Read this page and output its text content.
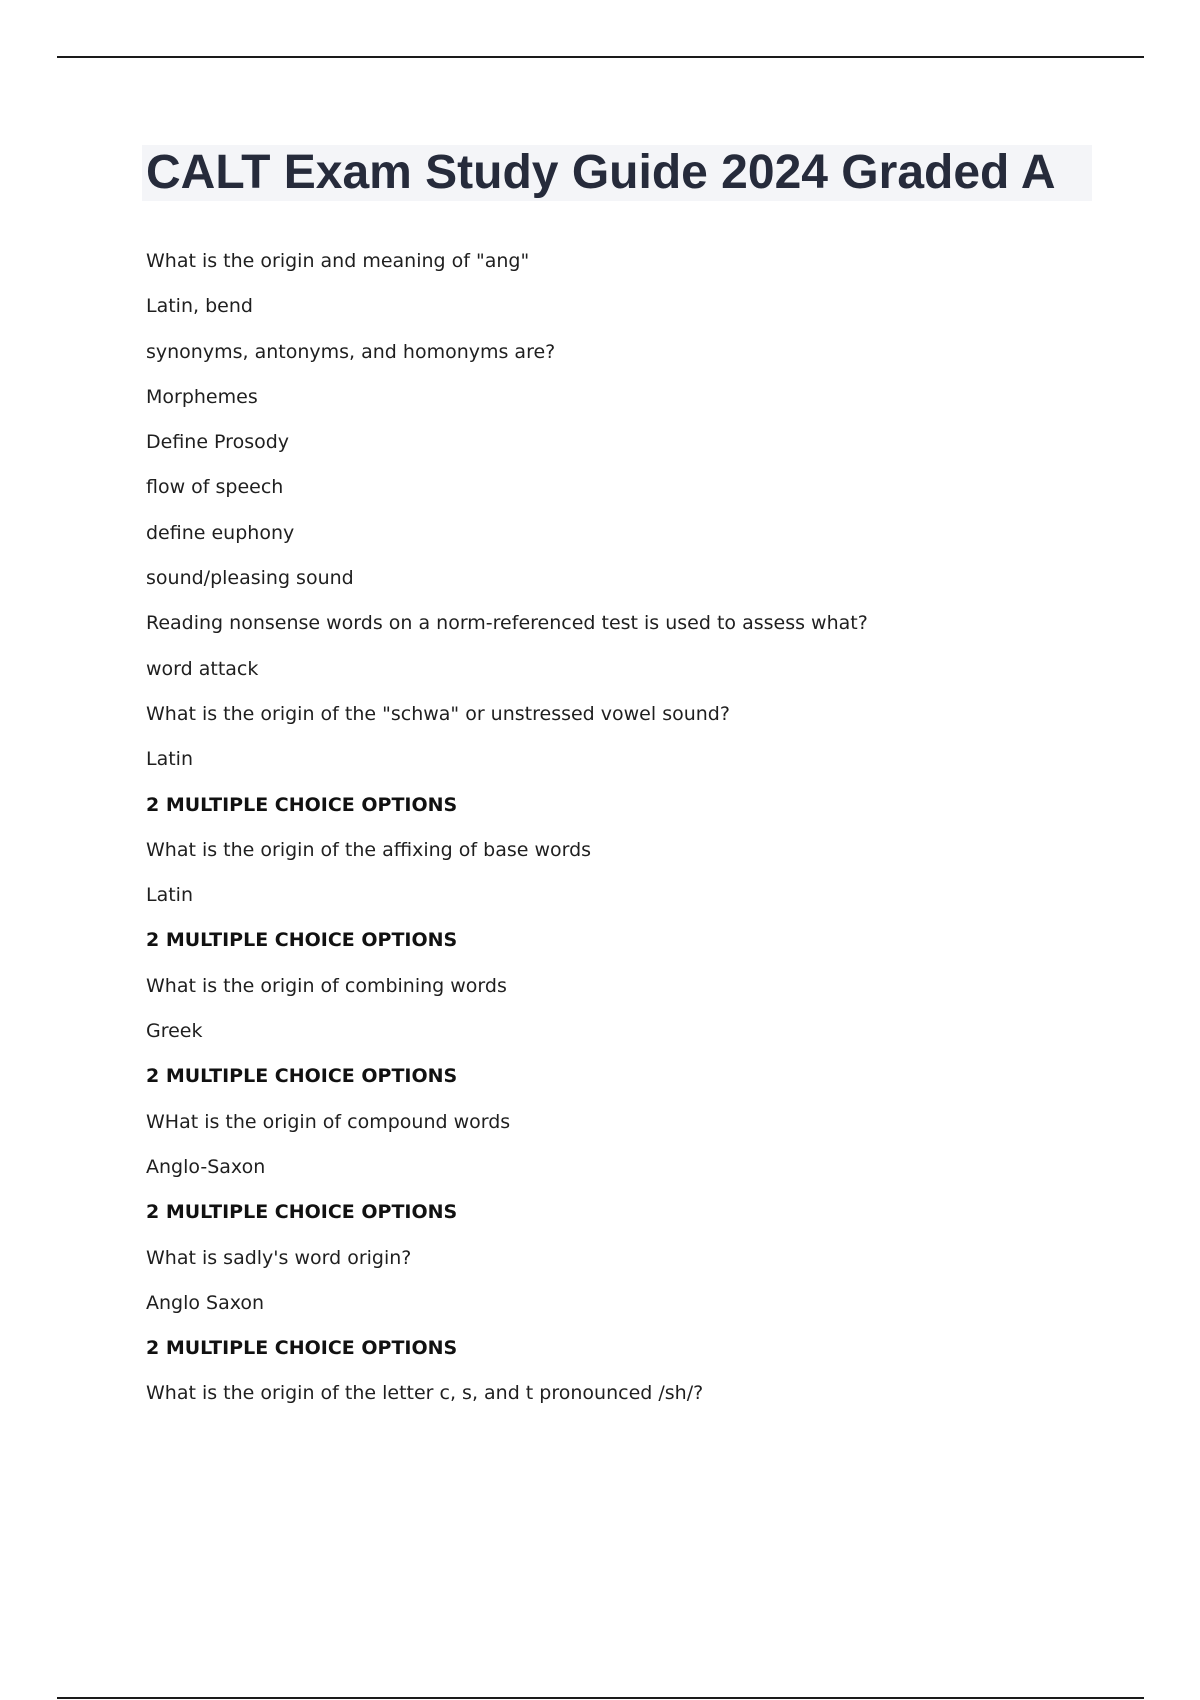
CALT Exam Study Guide 2024 Graded A
What is the origin and meaning of "ang"
Latin, bend
synonyms, antonyms, and homonyms are?
Morphemes
Define Prosody
flow of speech
define euphony
sound/pleasing sound
Reading nonsense words on a norm-referenced test is used to assess what?
word attack
What is the origin of the "schwa" or unstressed vowel sound?
Latin
2 MULTIPLE CHOICE OPTIONS
What is the origin of the affixing of base words
Latin
2 MULTIPLE CHOICE OPTIONS
What is the origin of combining words
Greek
2 MULTIPLE CHOICE OPTIONS
WHat is the origin of compound words
Anglo-Saxon
2 MULTIPLE CHOICE OPTIONS
What is sadly's word origin?
Anglo Saxon
2 MULTIPLE CHOICE OPTIONS
What is the origin of the letter c, s, and t pronounced /sh/?
